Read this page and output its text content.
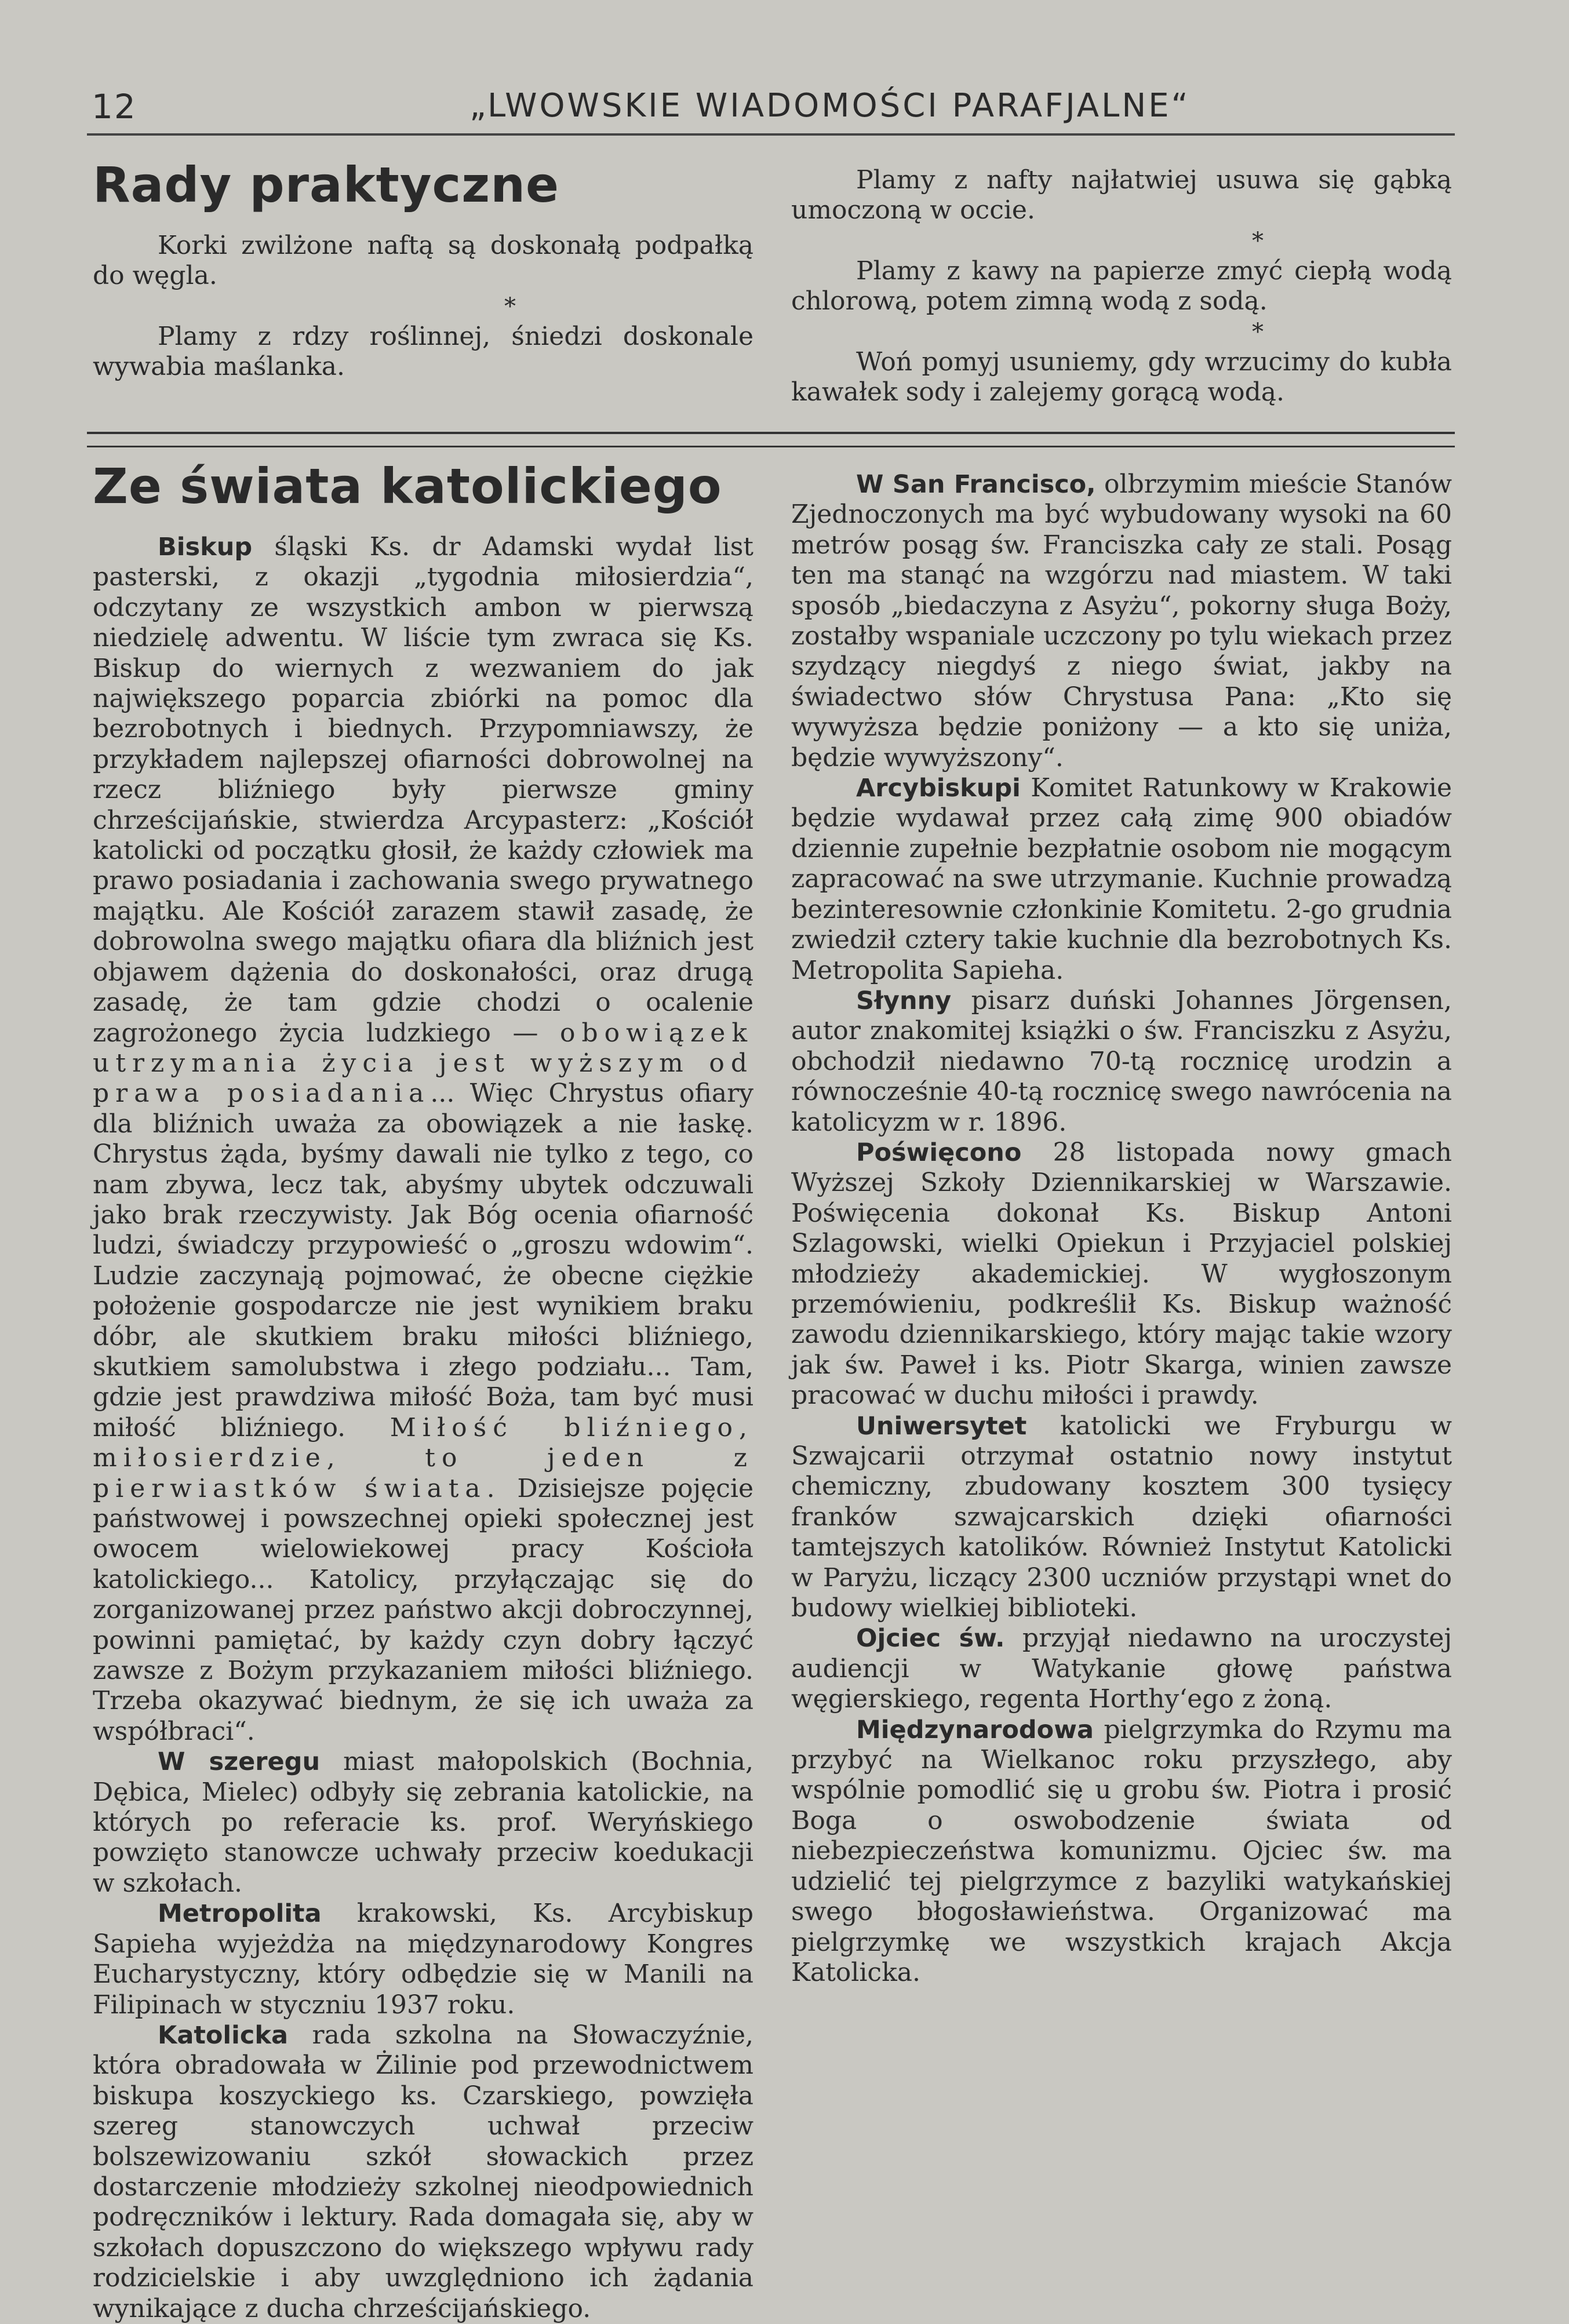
12	„LWOWSKIE WIADOMOŚCI PARAFJALNE“
Rady praktyczne

Korki zwilżone naftą są doskonałą podpałką do węgla.

*

Plamy z rdzy roślinnej, śniedzi doskonale wywabia maślanka.

Plamy z nafty najłatwiej usuwa się gąbką umoczoną w occie.

*

Plamy z kawy na papierze zmyć ciepłą wodą chlorową, potem zimną wodą z sodą.

*

Woń pomyj usuniemy, gdy wrzucimy do kubła kawałek sody i zalejemy gorącą wodą.

Ze świata katolickiego

Biskup śląski Ks. dr Adamski wydał list pasterski, z okazji „tygodnia miłosierdzia“, odczytany ze wszystkich ambon w pierwszą niedzielę adwentu. W liście tym zwraca się Ks. Biskup do wiernych z wezwaniem do jak największego poparcia zbiórki na pomoc dla bezrobotnych i biednych. Przypomniawszy, że przykładem najlepszej ofiarności dobrowolnej na rzecz bliźniego były pierwsze gminy chrześcijańskie, stwierdza Arcypasterz: „Kościół katolicki od początku głosił, że każdy człowiek ma prawo posiadania i zachowania swego prywatnego majątku. Ale Kościół zarazem stawił zasadę, że dobrowolna swego majątku ofiara dla bliźnich jest objawem dążenia do doskonałości, oraz drugą zasadę, że tam gdzie chodzi o ocalenie zagrożonego życia ludzkiego — obowiązek utrzymania życia jest wyższym od prawa posiadania... Więc Chrystus ofiary dla bliźnich uważa za obowiązek a nie łaskę. Chrystus żąda, byśmy dawali nie tylko z tego, co nam zbywa, lecz tak, abyśmy ubytek odczuwali jako brak rzeczywisty. Jak Bóg ocenia ofiarność ludzi, świadczy przypowieść o „groszu wdowim“. Ludzie zaczynają pojmować, że obecne ciężkie położenie gospodarcze nie jest wynikiem braku dóbr, ale skutkiem braku miłości bliźniego, skutkiem samolubstwa i złego podziału... Tam, gdzie jest prawdziwa miłość Boża, tam być musi miłość bliźniego. Miłość bliźniego, miłosierdzie, to jeden z pierwiastków świata. Dzisiejsze pojęcie państwowej i powszechnej opieki społecznej jest owocem wielowiekowej pracy Kościoła katolickiego... Katolicy, przyłączając się do zorganizowanej przez państwo akcji dobroczynnej, powinni pamiętać, by każdy czyn dobry łączyć zawsze z Bożym przykazaniem miłości bliźniego. Trzeba okazywać biednym, że się ich uważa za współbraci“.

W szeregu miast małopolskich (Bochnia, Dębica, Mielec) odbyły się zebrania katolickie, na których po referacie ks. prof. Weryńskiego powzięto stanowcze uchwały przeciw koedukacji w szkołach.

Metropolita krakowski, Ks. Arcybiskup Sapieha wyjeżdża na międzynarodowy Kongres Eucharystyczny, który odbędzie się w Manili na Filipinach w styczniu 1937 roku.

Katolicka rada szkolna na Słowaczyźnie, która obradowała w Żilinie pod przewodnictwem biskupa koszyckiego ks. Czarskiego, powzięła szereg stanowczych uchwał przeciw bolszewizowaniu szkół słowackich przez dostarczenie młodzieży szkolnej nieodpowiednich podręczników i lektury. Rada domagała się, aby w szkołach dopuszczono do większego wpływu rady rodzicielskie i aby uwzględniono ich żądania wynikające z ducha chrześcijańskiego.

W San Francisco, olbrzymim mieście Stanów Zjednoczonych ma być wybudowany wysoki na 60 metrów posąg św. Franciszka cały ze stali. Posąg ten ma stanąć na wzgórzu nad miastem. W taki sposób „biedaczyna z Asyżu“, pokorny sługa Boży, zostałby wspaniale uczczony po tylu wiekach przez szydzący niegdyś z niego świat, jakby na świadectwo słów Chrystusa Pana: „Kto się wywyższa będzie poniżony — a kto się uniża, będzie wywyższony“.

Arcybiskupi Komitet Ratunkowy w Krakowie będzie wydawał przez całą zimę 900 obiadów dziennie zupełnie bezpłatnie osobom nie mogącym zapracować na swe utrzymanie. Kuchnie prowadzą bezinteresownie członkinie Komitetu. 2-go grudnia zwiedził cztery takie kuchnie dla bezrobotnych Ks. Metropolita Sapieha.

Słynny pisarz duński Johannes Jörgensen, autor znakomitej książki o św. Franciszku z Asyżu, obchodził niedawno 70-tą rocznicę urodzin a równocześnie 40-tą rocznicę swego nawrócenia na katolicyzm w r. 1896.

Poświęcono 28 listopada nowy gmach Wyższej Szkoły Dziennikarskiej w Warszawie. Poświęcenia dokonał Ks. Biskup Antoni Szlagowski, wielki Opiekun i Przyjaciel polskiej młodzieży akademickiej. W wygłoszonym przemówieniu, podkreślił Ks. Biskup ważność zawodu dziennikarskiego, który mając takie wzory jak św. Paweł i ks. Piotr Skarga, winien zawsze pracować w duchu miłości i prawdy.

Uniwersytet katolicki we Fryburgu w Szwajcarii otrzymał ostatnio nowy instytut chemiczny, zbudowany kosztem 300 tysięcy franków szwajcarskich dzięki ofiarności tamtejszych katolików. Również Instytut Katolicki w Paryżu, liczący 2300 uczniów przystąpi wnet do budowy wielkiej biblioteki.

Ojciec św. przyjął niedawno na uroczystej audiencji w Watykanie głowę państwa węgierskiego, regenta Horthy‘ego z żoną.

Międzynarodowa pielgrzymka do Rzymu ma przybyć na Wielkanoc roku przyszłego, aby wspólnie pomodlić się u grobu św. Piotra i prosić Boga o oswobodzenie świata od niebezpieczeństwa komunizmu. Ojciec św. ma udzielić tej pielgrzymce z bazyliki watykańskiej swego błogosławieństwa. Organizować ma pielgrzymkę we wszystkich krajach Akcja Katolicka.
